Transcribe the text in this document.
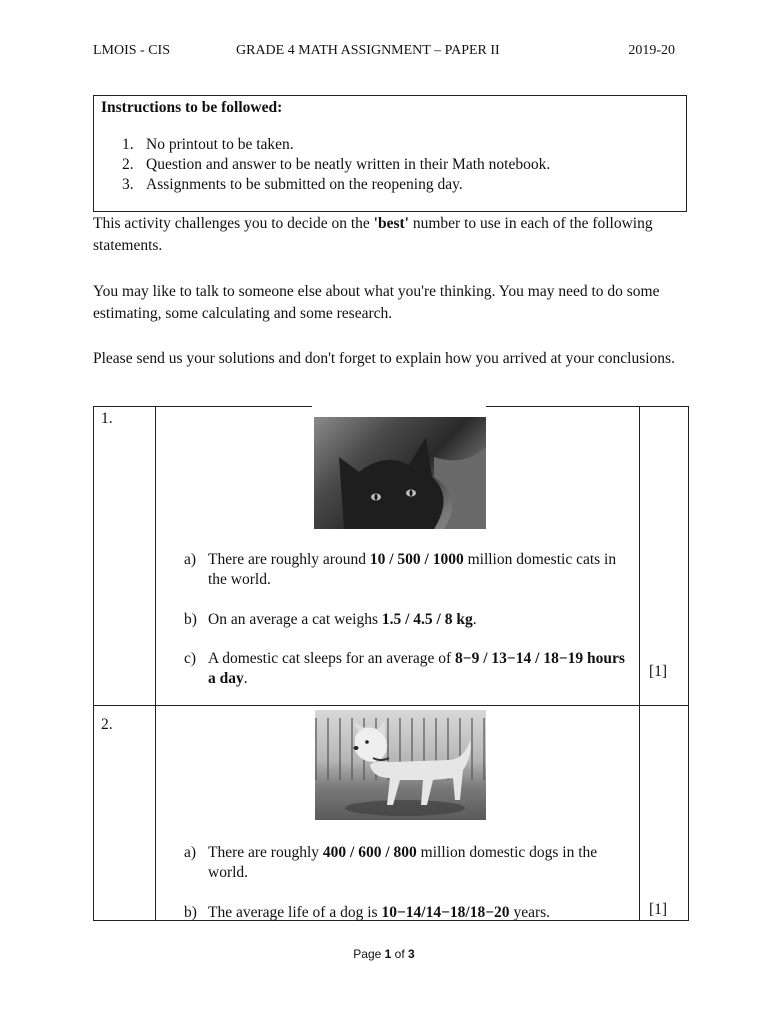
LMOIS - CIS	GRADE 4 MATH ASSIGNMENT – PAPER II	2019-20
Instructions to be followed:
1. No printout to be taken.
2. Question and answer to be neatly written in their Math notebook.
3. Assignments to be submitted on the reopening day.

This activity challenges you to decide on the 'best' number to use in each of the following statements.

You may like to talk to someone else about what you're thinking. You may need to do some estimating, some calculating and some research.

Please send us your solutions and don't forget to explain how you arrived at your conclusions.

1.
[1]
a) There are roughly around 10 / 500 / 1000 million domestic cats in the world.
b) On an average a cat weighs 1.5 / 4.5 / 8 kg.
c) A domestic cat sleeps for an average of 8−9 / 13−14 / 18−19 hours a day.
2.
[1]
a) There are roughly 400 / 600 / 800 million domestic dogs in the world.
b) The average life of a dog is 10−14/14−18/18−20 years.
Page 1 of 3
